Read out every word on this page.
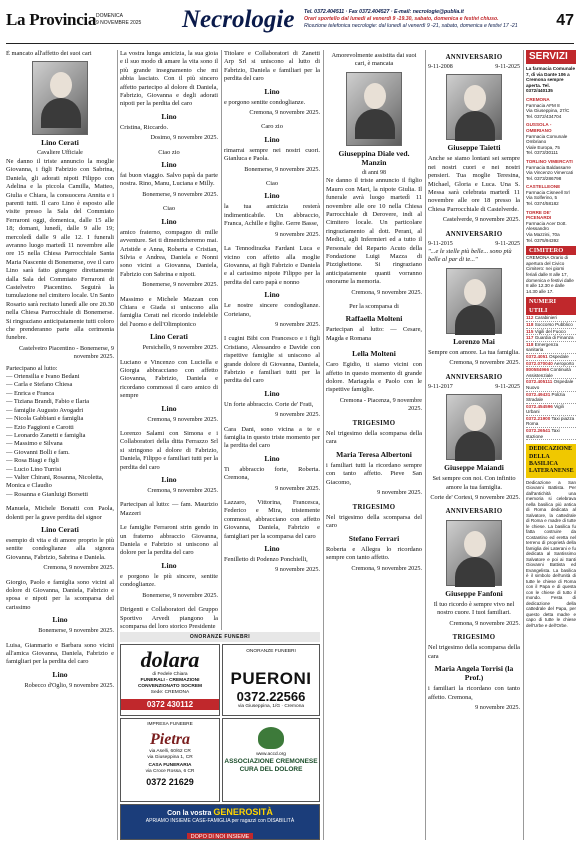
La Provincia DOMENICA
9 NOVEMBRE 2025 Necrologie Tel. 0372.404511 · Fax 0372.404527 · E-mail: necrologie@publia.it
Orari sportello dal lunedì al venerdì 9 -19.30, sabato, domenica e festivi chiuso.
Ricezione telefonica necrologie: dal lunedì al venerdì 9 -21, sabato, domenica e festivi 17 -21	47
È mancato all'affetto dei suoi cari
Lino Cerati
Cavaliere Ufficiale
Ne danno il triste annuncio la moglie Giovanna, i figli Fabrizio con Sabrina, Daniela, gli adorati nipoti Filippo con Adelina e la piccola Camilla, Matteo, Giulia e Chiara, la consuocera Annita e i parenti tutti. Il caro Lino è esposto alle visite presso la Sala del Commiato Ferraroni oggi, domenica, dalle 15 alle 18; domani, lunedì, dalle 9 alle 19; mercoledì dalle 9 alle 12. I funerali avranno luogo martedì 11 novembre alle ore 15 nella Chiesa Parrocchiale Santa Maria Nascente di Bonemerse, ove il caro Lino sarà fatto giungere direttamente dalla Sala del Commiato Ferraroni di Castelvetro Piacentino. Seguirà la tumulazione nel cimitero locale. Un Santo Rosario sarà recitato lunedì alle ore 20.30 nella Chiesa Parrocchiale di Bonemerse. Si ringraziano anticipatamente tutti coloro che prenderanno parte alla cerimonia funebre.
Castelvetro Piacentino - Bonemerse, 9 novembre 2025.
Partecipano al lutto:
— Ortensilia e Ivano Bedani
— Carla e Stefano Chiesa
— Enrica e Franca
— Tiziana Brandi, Fabio e Ilaria
— famiglie Augusto Avogadri
— Nicola Gabbiani e famiglia
— Ezio Faggioni e Carotti
— Leonardo Zanetti e famiglia
— Massimo e Silvana
— Giovanni Bolli e fam.
— Rosa Biagi e figli
— Lucio Lino Turrisi
— Valter Chirani, Rosanna, Nicoletta, Monica e Claudio
— Rosanna e Gianluigi Borsetti
Manuela, Michele Bonatti con Paola, dolenti per la grave perdita del signor
Lino Cerati
esempio di vita e di amore proprio le più sentite condoglianze alla signora Giovanna, Fabrizio, Sabrina e Daniela.
Cremona, 9 novembre 2025.
Giorgio, Paolo e famiglia sono vicini al dolore di Giovanna, Daniela, Fabrizio e sposa e nipoti per la scomparsa del carissimo
Lino
Bonemerse, 9 novembre 2025.
Luisa, Gianmario e Barbara sono vicini all'amica Giovanna, Daniela, Fabrizio e famigliari per la perdita del caro
Lino
Robecco d'Oglio, 9 novembre 2025.
La vostra lunga amicizia, la sua gioia e il suo modo di amare la vita sono il più grande insegnamento che mi abbia lasciato. Con il più sincero affetto partecipo al dolore di Daniela, Fabrizio, Giovanna e degli adorati nipoti per la perdita del caro
Lino
Cristina, Riccardo.
Dosimo, 9 novembre 2025.
Ciao zio
Lino
fai buon viaggio. Salvo papà da parte nostra. Rino, Manu, Luciana e Milly.
Bonemerse, 9 novembre 2025.
Ciao
Lino
amico fraterno, compagno di mille avventure. Sei ti dimenticheremo mai. Aristide e Anna, Roberta e Cristian, Silvia e Andrea, Daniela e Nonni sono vicini a Giovanna, Daniela, Fabrizio con Sabrina e nipoti.
Bonemerse, 9 novembre 2025.
Massimo e Michele Mazzan con Chiara e Giada si uniscono alla famiglia Cerati nel ricordo indelebile del l'uomo e dell'Olimpionico
Lino Cerati
Persichello, 9 novembre 2025.
Luciano e Vincenzo con Luciella e Giorgia abbracciano con affetto Giovanna, Fabrizio, Daniela e ricordano commossi il caro amico di sempre
Lino
Cremona, 9 novembre 2025.
Lorenzo Salami con Simona e i Collaboratori della ditta Ferrazzo Srl si stringono al dolore di Fabrizio, Daniela, Filippo e familiari tutti per la perdita del caro
Lino
Cremona, 9 novembre 2025.
Partecipan al lutto: — fam. Maurizio Mazzeri
Le famiglie Ferraroni strin gendo in un fraterno abbraccio Giovanna, Daniela e Fabrizio si uniscono al dolore per la perdita del caro
Lino
e porgono le più sincere, sentite condoglianze.
Bonemerse, 9 novembre 2025.
Dirigenti e Collaboratori del Gruppo Sportivo Arvedi piangono la scomparsa del loro storico Presidente
Titolare e Collaboratori di Zanetti Arp Srl si uniscono al lutto di Fabrizio, Daniela e familiari per la perdita del caro
Lino
e porgono sentite condoglianze.
Cremona, 9 novembre 2025.
Caro zio
Lino
rimarrai sempre nei nostri cuori. Gianluca e Paola.
Bonemerse, 9 novembre 2025.
Ciao
Lino
la tua amicizia resterà indimenticabile. Un abbraccio, Franca, Achille e figlie. Gerre Basse,
9 novembre 2025.
La Tennodirazka Fardani Luca e vicino con affetto alla moglie Giovanna, ai figli Fabrizio e Daniela e al carissimo nipote Filippo per la perdita del caro papà e nonno
Lino
Le nostre sincere condoglianze. Corteiano,
9 novembre 2025.
I cugini Bibi con Francesco e i figli Cristiano, Alessandro e Davide con rispettive famiglie si uniscono al grande dolore di Giovanna, Daniela, Fabrizio e familiari tutti per la perdita del caro
Lino
Un forte abbraccio. Corte de' Frati,
9 novembre 2025.
Cara Dani, sono vicina a te e famiglia in questo triste momento per la perdita del caro
Lino
Ti abbraccio forte, Roberta. Cremona,
9 novembre 2025.
Lazzaro, Vittorina, Francesca, Federico e Mira, tristemente commossi, abbracciano con affetto Giovanna, Daniela, Fabrizio e famigliari per la scomparsa del caro
Lino
Fenilletto di Podenzo Ponchielli,
9 novembre 2025.
ONORANZE FUNEBRI
dolara
di Fedele Chiara
FUNERALI - CREMAZIONI CONVENZIONATO SOCREM
Sede: CREMONA
0372 430112
ONORANZE FUNEBRI
PUERONI
0372.22566
via Giuseppina, 1/G · Cremona
IMPRESA FUNEBRE
Pietra
via Aselli, 60/62 CR
via Giuseppina 1, CR
CASA FUNERARIA
via Croce Rossa, 6 CR
0372 21629
www.accd.org
ASSOCIAZIONE CREMONESE CURA DEL DOLORE
Con la vostra GENEROSITÀ
APRIAMO INSIEME CASE-FAMIGLIA per ragazzi con DISABILITÀ
DOPO DI NOI INSIEME
Amorevolmente assistita dai suoi cari, è mancata
Giuseppina Diale ved. Manzin
di anni 98
Ne danno il triste annuncio il figlio Mauro con Mari, la nipote Giulia. Il funerale avrà luogo martedì 11 novembre alle ore 10 nella Chiesa Parrocchiale di Derovere, indi al Cimitero locale. Un particolare ringraziamento al dott. Perani, al Medici, agli Infermieri ed a tutto il Personale del Reparto Acuto della Fondazione Luigi Mazza di Pizzighettone. Si ringraziano anticipatamente quanti vorranno onorarne la memoria.
Cremona, 9 novembre 2025.
Per la scomparsa di
Raffaella Molteni
Partecipan al lutto: — Cesare, Magda e Romana
Lella Molteni
Caro Egidio, ti siamo vicini con affetto in questo momento di grande dolore. Mariagela e Paolo con le rispettive famiglie.
Cremona - Piacenza, 9 novembre 2025.
TRIGESIMO
Nel trigesimo della scomparsa della cara
Maria Teresa Albertoni
i familiari tutti la ricordano sempre con tanto affetto. Pieve San Giacomo,
9 novembre 2025.
TRIGESIMO
Nel trigesimo della scomparsa del caro
Stefano Ferrari
Roberta e Allegra lo ricordano sempre con tanto affetto.
Cremona, 9 novembre 2025.
ANNIVERSARIO
9-11-2008	9-11-2025
Giuseppe Taietti
Anche se siamo lontani sei sempre nei nostri cuori e nei nostri pensieri. Tua moglie Teresina, Michael, Gloria e Luca. Una S. Messa sarà celebrata martedì 11 novembre alle ore 18 presso la Chiesa Parrocchiale di Castelverde.
Castelverde, 9 novembre 2025.
ANNIVERSARIO
9-11-2015	9-11-2025
"...e le stelle più belle... sono più belle al par di te..."
Lorenzo Mai
Sempre con amore. La tua famiglia.
Cremona, 9 novembre 2025.
ANNIVERSARIO
9-11-2017	9-11-2025
Giuseppe Maiandi
Sei sempre con noi. Con infinito amore la tua famiglia.
Corte de' Cortesi, 9 novembre 2025.
ANNIVERSARIO
Giuseppe Fanfoni
Il tuo ricordo è sempre vivo nel nostro cuore. I tuoi familiari.
Cremona, 9 novembre 2025.
TRIGESIMO
Nel trigesimo della scomparsa della cara
Maria Angela Torrisi (la Prof.)
i familiari la ricordano con tanto affetto. Cremona,
9 novembre 2025.
SERVIZI
La farmacia Comunale 7, di via Dante 106 a Cremona sempre aperta. Tel. 0372/440135
CREMONA
Farmacia AFM 8
Via Giuseppina, 27/C
Tel. 0372/434704
GUSSOLA - OMBRIANO
Farmacia Comunale Ombriano
Viale Europa, 75
Tel. 0373/30111
TORLINO VIMERCATI
Farmacia Baldassarre
Via Vincenzo Vimercati
Tel. 0373/286798
CASTELLEONE
Farmacia Cisneell Srl
Via Solferino, 5
Tel. 0374/58182
TORRE DE' PICENARDI
Farmacia Acer Dott. Alessandro
Via Mazzini, 70a
Tel. 0375/94392
CIMITERO
CREMONA Orario di apertura del Civico Cimitero: nei giorni feriali dalle 8 alle 17, domenica e festivi dalle 8 alle 12.30 e dalle 14.30 alle 17.
NUMERI UTILI
112 Carabinieri
118 Soccorso Pubblico
115 Vigili del Fuoco
117 Guardia di Finanza
118 Emergenza sanitaria
0372.4051 Ospedale
0372.070040 Aeroporto
800584966 Continuità Assistenziale
0372.405111 Ospedale Nuovo
0372.49431 Polizia Stradale
0372.454596 Vigili Urbani
0372.21900 Taxi piazza Roma
0372.26541 Taxi stazione
DEDICAZIONE DELLA BASILICA LATERANENSE
Dedicazione a San Giovanni Battista. Per dall'antichità una memoria si celebrava nella basilica più antica di Roma dedicata al Salvatore, la cattedrale di Roma e madre di tutte le chiese. La basilica fu fatta costruire da Costantino ed eretta nel terreno di proprietà della famiglia dei Laterani e fu dedicata al Santissimo Salvatore e poi ai Santi Giovanni Battista ed Evangelista. La basilica è il simbolo dell'unità di tutte le chiese di Roma con il Papa e di questa con le chiese di tutto il mondo. Festa di dedicazione della cattedrale del Papa, per questo detta madre e capo di tutte le chiese dell'Urbe e dell'Orbe.
